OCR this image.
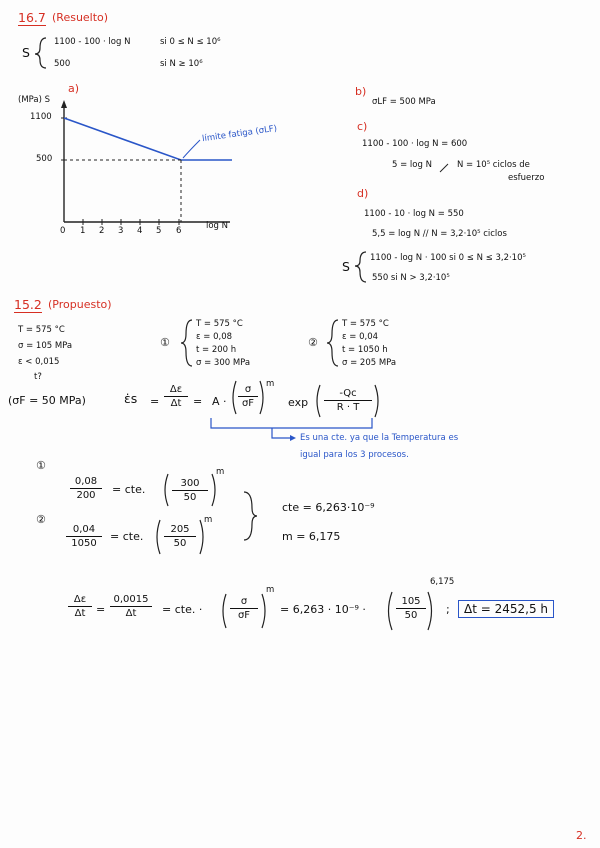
16.7 (Resuelto)
S
1100 - 100 · log N	si 0 ≤ N ≤ 10⁶
500	si N ≥ 10⁶
a)
(MPa) S
1100
500
0 1 2 3 4 5 6	log N
límite fatiga (σLF)
b)
σLF = 500 MPa
c)
1100 - 100 · log N = 600
5 = log N	N = 10⁵ ciclos de
esfuerzo
d)
1100 - 10 · log N = 550
5,5 = log N // N = 3,2·10⁵ ciclos
S
1100 - log N · 100 si 0 ≤ N ≤ 3,2·10⁵
550 si N > 3,2·10⁵
15.2 (Propuesto)
T = 575 °C
σ = 105 MPa
ε < 0,015
t?
(σF = 50 MPa)
①
T = 575 °C
ε = 0,08
t = 200 h
σ = 300 MPa
②
T = 575 °C
ε = 0,04
t = 1050 h
σ = 205 MPa
ε̇s = $\frac{\Delta\varepsilon}{\Delta t} = A \cdot \frac{\sigma}{\sigma F}$ m
$\exp \frac{-Qc}{R \cdot T}$
Es una cte. ya que la Temperatura es
igual para los 3 procesos.
①
$\frac{0,08}{200}$ = cte.	$\frac{300}{50}$
m
②
$\frac{0,04}{1050}$ = cte. $\frac{205}{50}$
m
cte = 6,263·10⁻⁹
m = 6,175
$\frac{\Delta\varepsilon}{\Delta t} = \frac{0,0015}{\Delta t}$ = cte. ·	$\frac{\sigma}{\sigma F}$
m
= 6,263 · 10⁻⁹ ·	$\frac{105}{50}$
6,175
;	Δt = 2452,5 h
2.
